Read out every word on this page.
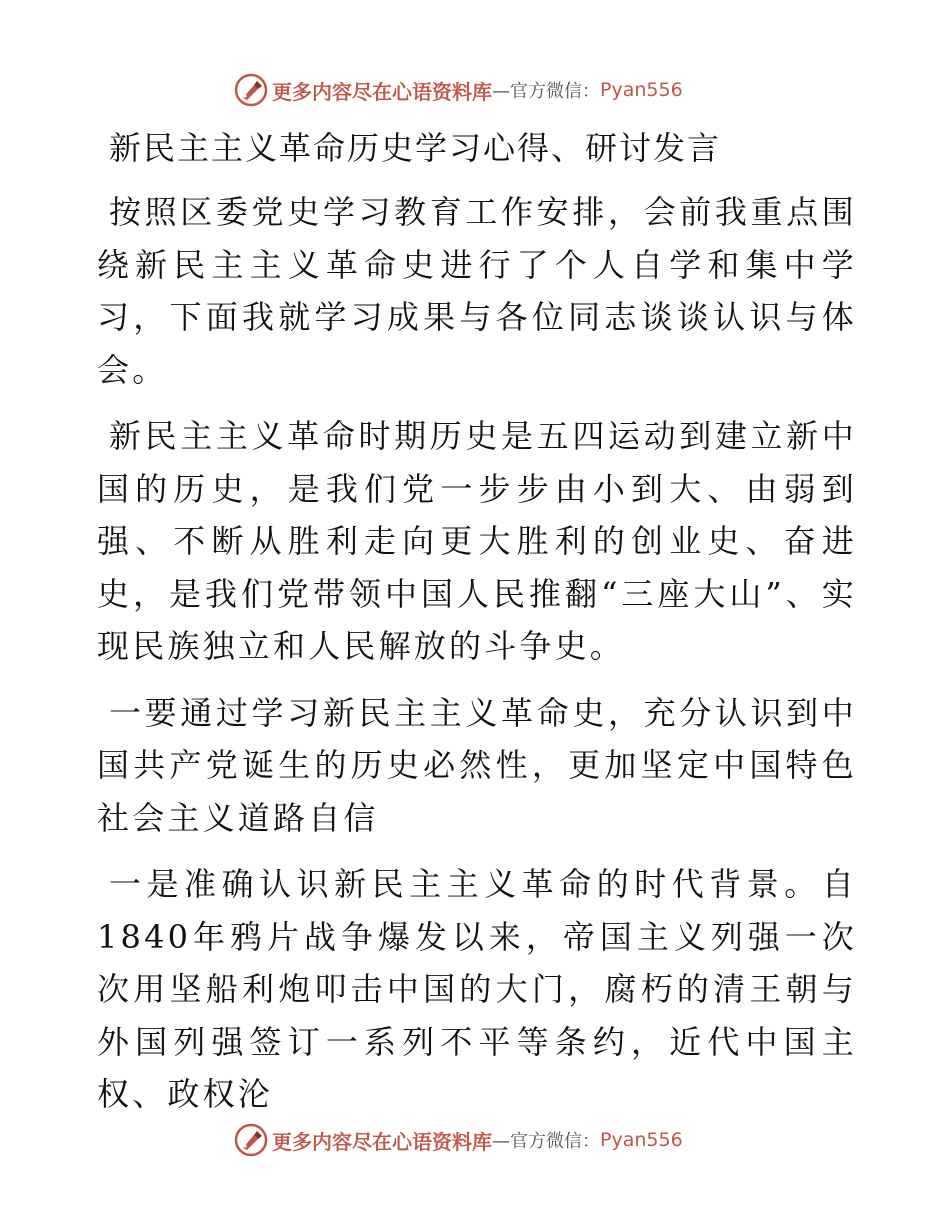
更多内容尽在心语资料库 —官方微信： Pyan556
新民主主义革命历史学习心得、研讨发言

按照区委党史学习教育工作安排，会前我重点围绕新民主主义革命史进行了个人自学和集中学习，下面我就学习成果与各位同志谈谈认识与体会。

新民主主义革命时期历史是五四运动到建立新中国的历史，是我们党一步步由小到大、由弱到强、不断从胜利走向更大胜利的创业史、奋进史，是我们党带领中国人民推翻“三座大山”、实现民族独立和人民解放的斗争史。

一要通过学习新民主主义革命史，充分认识到中国共产党诞生的历史必然性，更加坚定中国特色社会主义道路自信

一是准确认识新民主主义革命的时代背景。自1840年鸦片战争爆发以来，帝国主义列强一次次用坚船利炮叩击中国的大门，腐朽的清王朝与外国列强签订一系列不平等条约，近代中国主权、政权沦

更多内容尽在心语资料库 —官方微信： Pyan556
